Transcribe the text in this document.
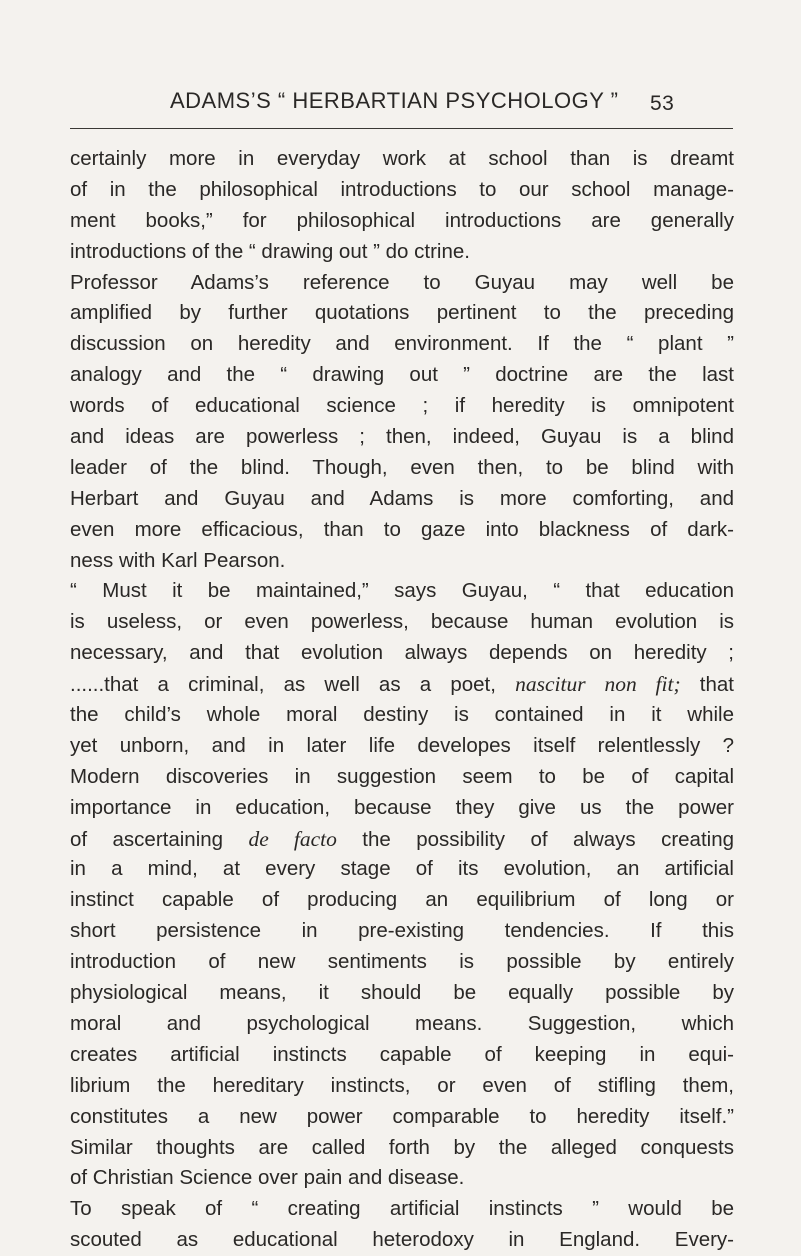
ADAMS’S “ HERBARTIAN PSYCHOLOGY ” 53
certainly more in everyday work at school than is dreamt
of in the philosophical introductions to our school manage-
ment books,” for philosophical introductions are generally
introductions of the “ drawing out ” do ctrine.
Professor Adams’s reference to Guyau may well be
amplified by further quotations pertinent to the preceding
discussion on heredity and environment. If the “ plant ”
analogy and the “ drawing out ” doctrine are the last
words of educational science ; if heredity is omnipotent
and ideas are powerless ; then, indeed, Guyau is a blind
leader of the blind. Though, even then, to be blind with
Herbart and Guyau and Adams is more comforting, and
even more efficacious, than to gaze into blackness of dark-
ness with Karl Pearson.
“ Must it be maintained,” says Guyau, “ that education
is useless, or even powerless, because human evolution is
necessary, and that evolution always depends on heredity ;
......that a criminal, as well as a poet, nascitur non fit; that
the child’s whole moral destiny is contained in it while
yet unborn, and in later life developes itself relentlessly ?
Modern discoveries in suggestion seem to be of capital
importance in education, because they give us the power
of ascertaining de facto the possibility of always creating
in a mind, at every stage of its evolution, an artificial
instinct capable of producing an equilibrium of long or
short persistence in pre-existing tendencies. If this
introduction of new sentiments is possible by entirely
physiological means, it should be equally possible by
moral and psychological means. Suggestion, which
creates artificial instincts capable of keeping in equi-
librium the hereditary instincts, or even of stifling them,
constitutes a new power comparable to heredity itself.”
Similar thoughts are called forth by the alleged conquests
of Christian Science over pain and disease.
To speak of “ creating artificial instincts ” would be
scouted as educational heterodoxy in England. Every-
